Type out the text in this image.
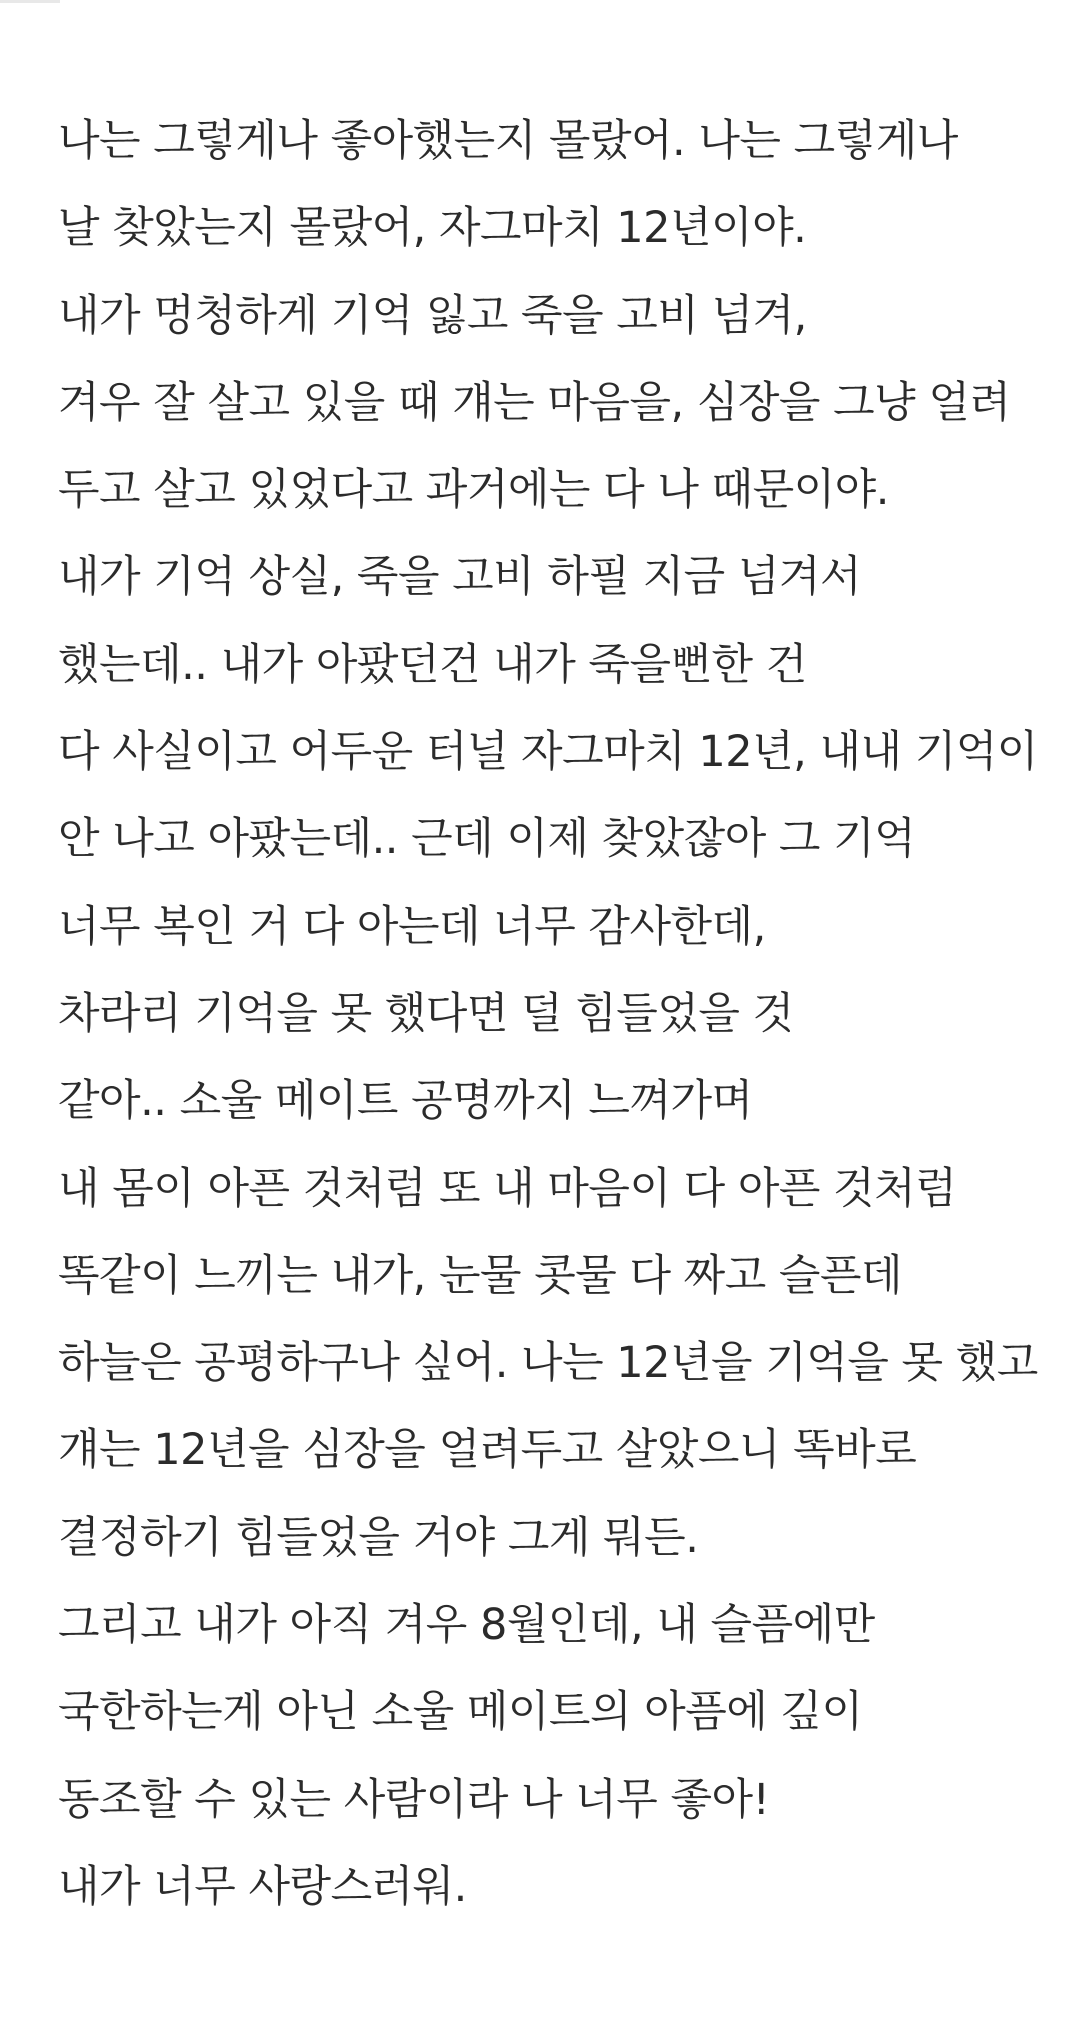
나는 그렇게나 좋아했는지 몰랐어. 나는 그렇게나
날 찾았는지 몰랐어, 자그마치 12년이야.
내가 멍청하게 기억 잃고 죽을 고비 넘겨,
겨우 잘 살고 있을 때 걔는 마음을, 심장을 그냥 얼려
두고 살고 있었다고 과거에는 다 나 때문이야.
내가 기억 상실, 죽을 고비 하필 지금 넘겨서
했는데.. 내가 아팠던건 내가 죽을뻔한 건
다 사실이고 어두운 터널 자그마치 12년, 내내 기억이
안 나고 아팠는데.. 근데 이제 찾았잖아 그 기억
너무 복인 거 다 아는데 너무 감사한데,
차라리 기억을 못 했다면 덜 힘들었을 것
같아.. 소울 메이트 공명까지 느껴가며
내 몸이 아픈 것처럼 또 내 마음이 다 아픈 것처럼
똑같이 느끼는 내가, 눈물 콧물 다 짜고 슬픈데
하늘은 공평하구나 싶어. 나는 12년을 기억을 못 했고
걔는 12년을 심장을 얼려두고 살았으니 똑바로
결정하기 힘들었을 거야 그게 뭐든.
그리고 내가 아직 겨우 8월인데, 내 슬픔에만
국한하는게 아닌 소울 메이트의 아픔에 깊이
동조할 수 있는 사람이라 나 너무 좋아!
내가 너무 사랑스러워.
